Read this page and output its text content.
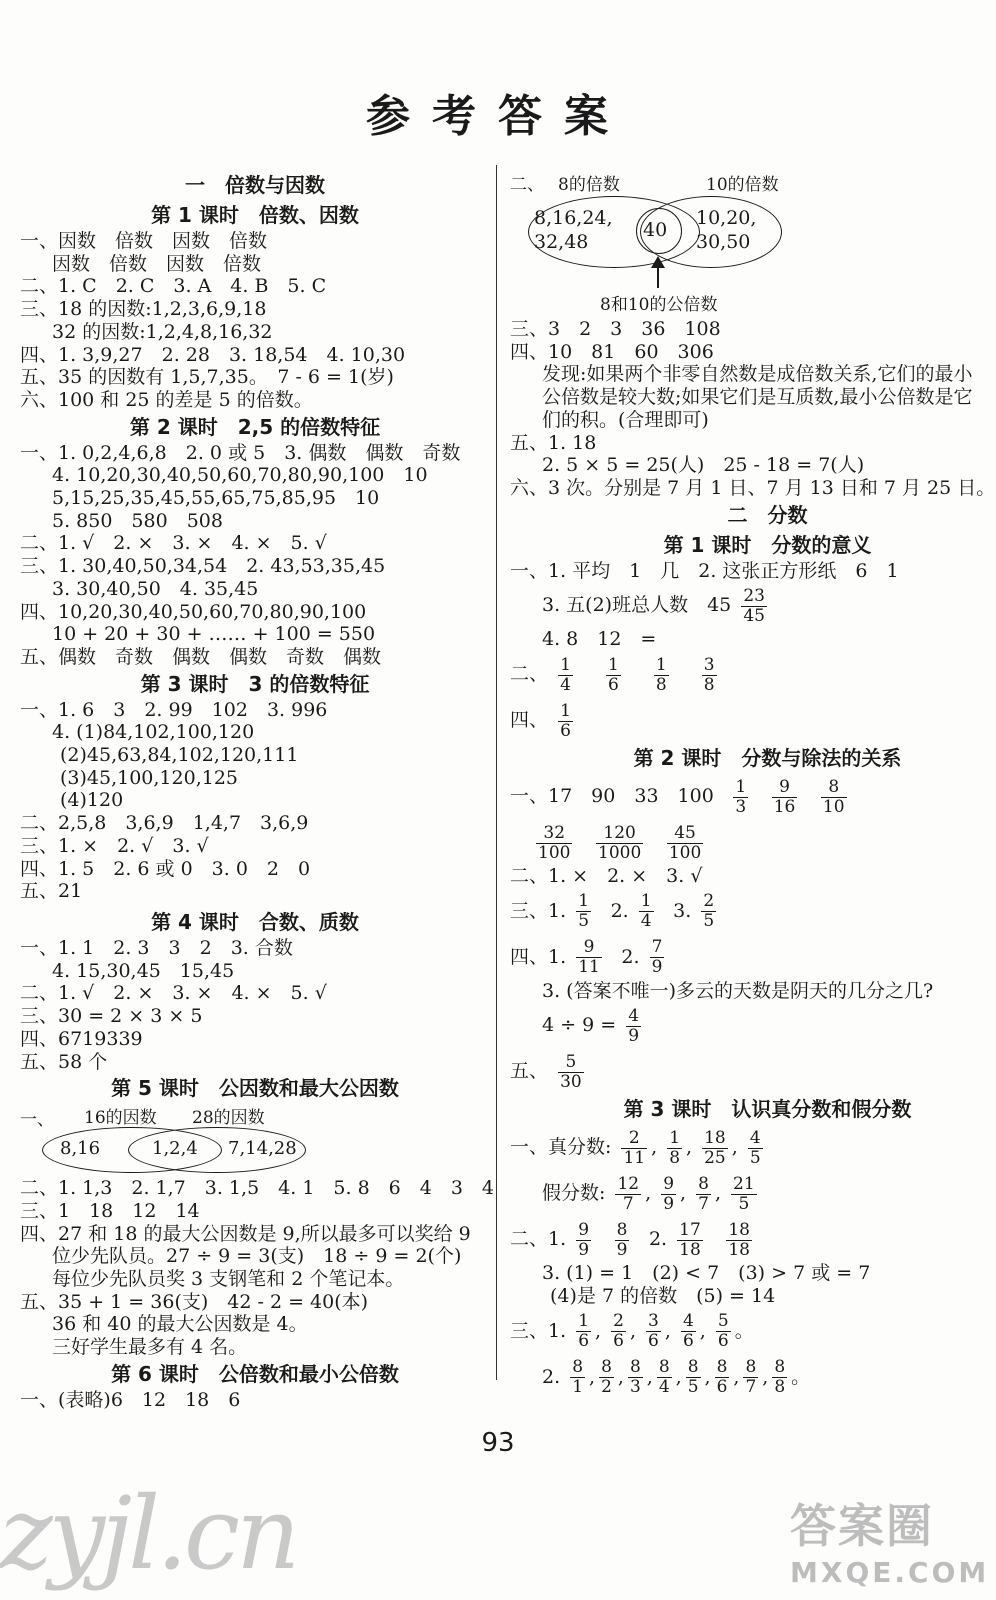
参考答案
一　倍数与因数
第 1 课时　倍数、因数
一、因数　倍数　因数　倍数
因数　倍数　因数　倍数
二、1. C　2. C　3. A　4. B　5. C
三、18 的因数:1,2,3,6,9,18
32 的因数:1,2,4,8,16,32
四、1. 3,9,27　2. 28　3. 18,54　4. 10,30
五、35 的因数有 1,5,7,35。　7 - 6 = 1(岁)
六、100 和 25 的差是 5 的倍数。
第 2 课时　2,5 的倍数特征
一、1. 0,2,4,6,8　2. 0 或 5　3. 偶数　偶数　奇数
4. 10,20,30,40,50,60,70,80,90,100　10
5,15,25,35,45,55,65,75,85,95　10
5. 850　580　508
二、1. √　2. ×　3. ×　4. ×　5. √
三、1. 30,40,50,34,54　2. 43,53,35,45
3. 30,40,50　4. 35,45
四、10,20,30,40,50,60,70,80,90,100
10 + 20 + 30 + …… + 100 = 550
五、偶数　奇数　偶数　偶数　奇数　偶数
第 3 课时　3 的倍数特征
一、1. 6　3　2. 99　102　3. 996
4. (1)84,102,100,120
(2)45,63,84,102,120,111
(3)45,100,120,125
(4)120
二、2,5,8　3,6,9　1,4,7　3,6,9
三、1. ×　2. √　3. √
四、1. 5　2. 6 或 0　3. 0　2　0
五、21
第 4 课时　合数、质数
一、1. 1　2. 3　3　2　3. 合数
4. 15,30,45　15,45
二、1. √　2. ×　3. ×　4. ×　5. √
三、30 = 2 × 3 × 5
四、6719339
五、58 个
第 5 课时　公因数和最大公因数
一、 16的因数 28的因数
8,16	1,2,4 7,14,28
二、1. 1,3　2. 1,7　3. 1,5　4. 1　5. 8　6　4　3　4
三、1　18　12　14
四、27 和 18 的最大公因数是 9,所以最多可以奖给 9
位少先队员。27 ÷ 9 = 3(支)　18 ÷ 9 = 2(个)
每位少先队员奖 3 支钢笔和 2 个笔记本。
五、35 + 1 = 36(支)　42 - 2 = 40(本)
36 和 40 的最大公因数是 4。
三好学生最多有 4 名。
第 6 课时　公倍数和最小公倍数
一、(表略)6　12　18　6
二、 8的倍数	10的倍数
8,16,24,
32,48
40
10,20,
30,50
8和10的公倍数
三、3　2　3　36　108
四、10　81　60　306
发现:如果两个非零自然数是成倍数关系,它们的最小公倍数是较大数;如果它们是互质数,最小公倍数是它们的积。(合理即可)
五、1. 18
2. 5 × 5 = 25(人)　25 - 18 = 7(人)
六、3 次。分别是 7 月 1 日、7 月 13 日和 7 月 25 日。
二　分数
第 1 课时　分数的意义
一、1. 平均　1　几　2. 这张正方形纸　6　1
3. 五(2)班总人数　$45 \frac{23}{45}$
4. 8　12　=
二、 $\frac{1}{4}$
  $\frac{1}{6}$
  $\frac{1}{8}$
  $\frac{3}{8}$
四、 $\frac{1}{6}$
第 2 课时　分数与除法的关系
一、17　90　33　100  $\frac{1}{3}$
  $\frac{9}{16}$
  $\frac{8}{10}$
$\frac{32}{100}$
  $\frac{120}{1000}$
  $\frac{45}{100}$
二、1. ×　2. ×　3. √
三、1. $\frac{1}{5}$
  2. $\frac{1}{4}$
  3. $\frac{2}{5}$
四、1. $\frac{9}{11}$
  2. $\frac{7}{9}$
3. (答案不唯一)多云的天数是阴天的几分之几?
$4 \div 9 = \frac{4}{9}$
五、 $\frac{5}{30}$
第 3 课时　认识真分数和假分数
一、真分数: $\frac{2}{11}$ , $\frac{1}{8}$ , $\frac{18}{25}$ , $\frac{4}{5}$
假分数: $\frac{12}{7}$ , $\frac{9}{9}$ , $\frac{8}{7}$ , $\frac{21}{5}$
二、1. $\frac{9}{9}$
  $\frac{8}{9}$
  2. $\frac{17}{18}$
  $\frac{18}{18}$
3. (1) = 1　(2) < 7　(3) > 7 或 = 7
(4)是 7 的倍数　(5) = 14
三、1. $\frac{1}{6}$ , $\frac{2}{6}$ , $\frac{3}{6}$ , $\frac{4}{6}$ , $\frac{5}{6}$ 。
2. $\frac{8}{1}$ , $\frac{8}{2}$ , $\frac{8}{3}$ , $\frac{8}{4}$ , $\frac{8}{5}$ , $\frac{8}{6}$ , $\frac{8}{7}$ , $\frac{8}{8}$ 。
93
zyjl.cn	答案圈
MXQE.COM
